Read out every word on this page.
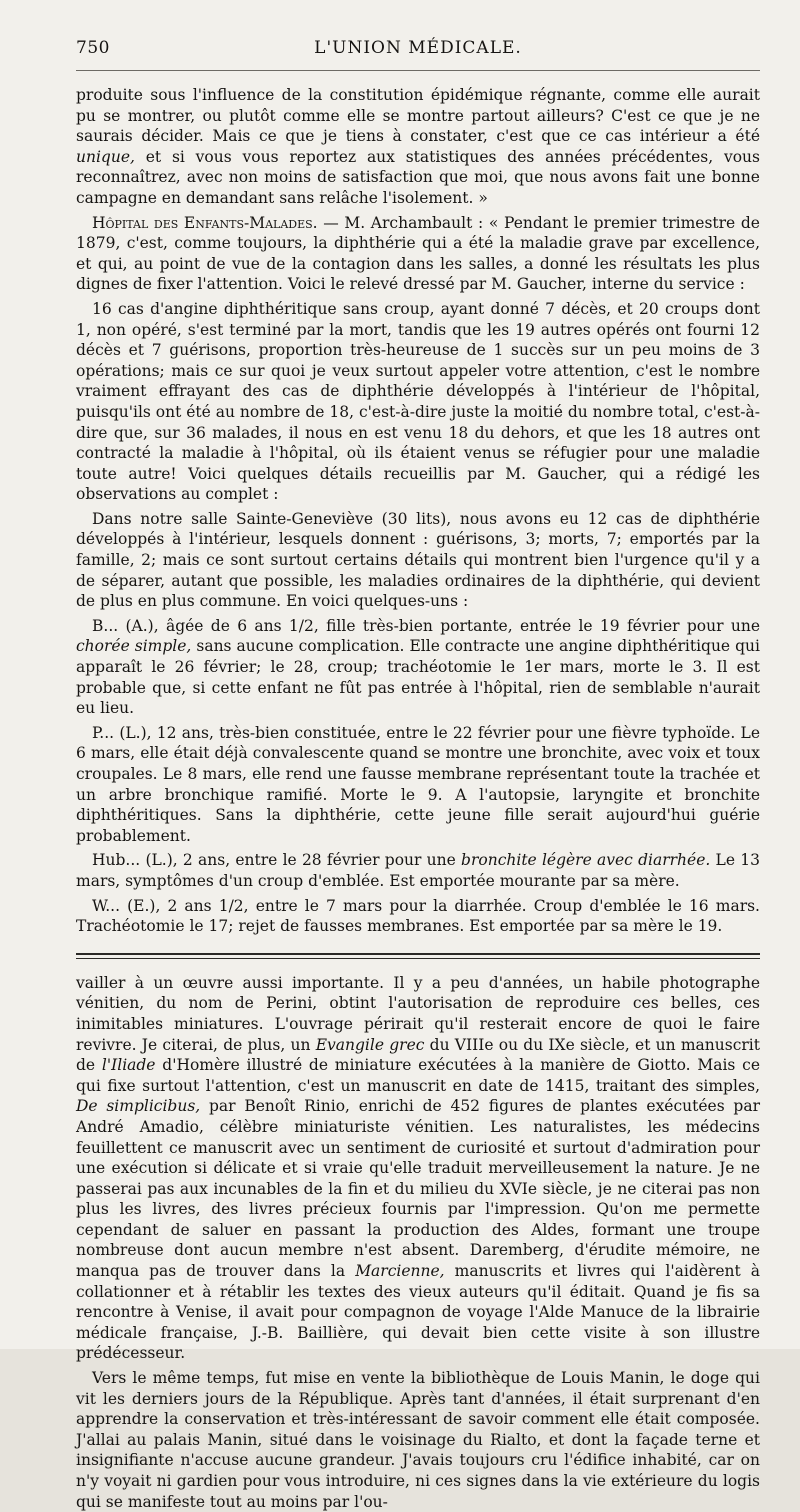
750	L'UNION MÉDICALE.

produite sous l'influence de la constitution épidémique régnante, comme elle aurait pu se montrer, ou plutôt comme elle se montre partout ailleurs? C'est ce que je ne saurais décider. Mais ce que je tiens à constater, c'est que ce cas intérieur a été unique, et si vous vous reportez aux statistiques des années précédentes, vous reconnaîtrez, avec non moins de satisfaction que moi, que nous avons fait une bonne campagne en demandant sans relâche l'isolement. »

Hôpital des Enfants-Malades. — M. Archambault : « Pendant le premier trimestre de 1879, c'est, comme toujours, la diphthérie qui a été la maladie grave par excellence, et qui, au point de vue de la contagion dans les salles, a donné les résultats les plus dignes de fixer l'attention. Voici le relevé dressé par M. Gaucher, interne du service :

16 cas d'angine diphthéritique sans croup, ayant donné 7 décès, et 20 croups dont 1, non opéré, s'est terminé par la mort, tandis que les 19 autres opérés ont fourni 12 décès et 7 guérisons, proportion très-heureuse de 1 succès sur un peu moins de 3 opérations; mais ce sur quoi je veux surtout appeler votre attention, c'est le nombre vraiment effrayant des cas de diphthérie développés à l'intérieur de l'hôpital, puisqu'ils ont été au nombre de 18, c'est-à-dire juste la moitié du nombre total, c'est-à-dire que, sur 36 malades, il nous en est venu 18 du dehors, et que les 18 autres ont contracté la maladie à l'hôpital, où ils étaient venus se réfugier pour une maladie toute autre! Voici quelques détails recueillis par M. Gaucher, qui a rédigé les observations au complet :

Dans notre salle Sainte-Geneviève (30 lits), nous avons eu 12 cas de diphthérie développés à l'intérieur, lesquels donnent : guérisons, 3; morts, 7; emportés par la famille, 2; mais ce sont surtout certains détails qui montrent bien l'urgence qu'il y a de séparer, autant que possible, les maladies ordinaires de la diphthérie, qui devient de plus en plus commune. En voici quelques-uns :

B... (A.), âgée de 6 ans 1/2, fille très-bien portante, entrée le 19 février pour une chorée simple, sans aucune complication. Elle contracte une angine diphthéritique qui apparaît le 26 février; le 28, croup; trachéotomie le 1er mars, morte le 3. Il est probable que, si cette enfant ne fût pas entrée à l'hôpital, rien de semblable n'aurait eu lieu.

P... (L.), 12 ans, très-bien constituée, entre le 22 février pour une fièvre typhoïde. Le 6 mars, elle était déjà convalescente quand se montre une bronchite, avec voix et toux croupales. Le 8 mars, elle rend une fausse membrane représentant toute la trachée et un arbre bronchique ramifié. Morte le 9. A l'autopsie, laryngite et bronchite diphthéritiques. Sans la diphthérie, cette jeune fille serait aujourd'hui guérie probablement.

Hub... (L.), 2 ans, entre le 28 février pour une bronchite légère avec diarrhée. Le 13 mars, symptômes d'un croup d'emblée. Est emportée mourante par sa mère.

W... (E.), 2 ans 1/2, entre le 7 mars pour la diarrhée. Croup d'emblée le 16 mars. Trachéotomie le 17; rejet de fausses membranes. Est emportée par sa mère le 19.

vailler à un œuvre aussi importante. Il y a peu d'années, un habile photographe vénitien, du nom de Perini, obtint l'autorisation de reproduire ces belles, ces inimitables miniatures. L'ouvrage périrait qu'il resterait encore de quoi le faire revivre. Je citerai, de plus, un Evangile grec du VIIIe ou du IXe siècle, et un manuscrit de l'Iliade d'Homère illustré de miniature exécutées à la manière de Giotto. Mais ce qui fixe surtout l'attention, c'est un manuscrit en date de 1415, traitant des simples, De simplicibus, par Benoît Rinio, enrichi de 452 figures de plantes exécutées par André Amadio, célèbre miniaturiste vénitien. Les naturalistes, les médecins feuillettent ce manuscrit avec un sentiment de curiosité et surtout d'admiration pour une exécution si délicate et si vraie qu'elle traduit merveilleusement la nature. Je ne passerai pas aux incunables de la fin et du milieu du XVIe siècle, je ne citerai pas non plus les livres, des livres précieux fournis par l'impression. Qu'on me permette cependant de saluer en passant la production des Aldes, formant une troupe nombreuse dont aucun membre n'est absent. Daremberg, d'érudite mémoire, ne manqua pas de trouver dans la Marcienne, manuscrits et livres qui l'aidèrent à collationner et à rétablir les textes des vieux auteurs qu'il éditait. Quand je fis sa rencontre à Venise, il avait pour compagnon de voyage l'Alde Manuce de la librairie médicale française, J.-B. Baillière, qui devait bien cette visite à son illustre prédécesseur.

Vers le même temps, fut mise en vente la bibliothèque de Louis Manin, le doge qui vit les derniers jours de la République. Après tant d'années, il était surprenant d'en apprendre la conservation et très-intéressant de savoir comment elle était composée. J'allai au palais Manin, situé dans le voisinage du Rialto, et dont la façade terne et insignifiante n'accuse aucune grandeur. J'avais toujours cru l'édifice inhabité, car on n'y voyait ni gardien pour vous introduire, ni ces signes dans la vie extérieure du logis qui se manifeste tout au moins par l'ou-
